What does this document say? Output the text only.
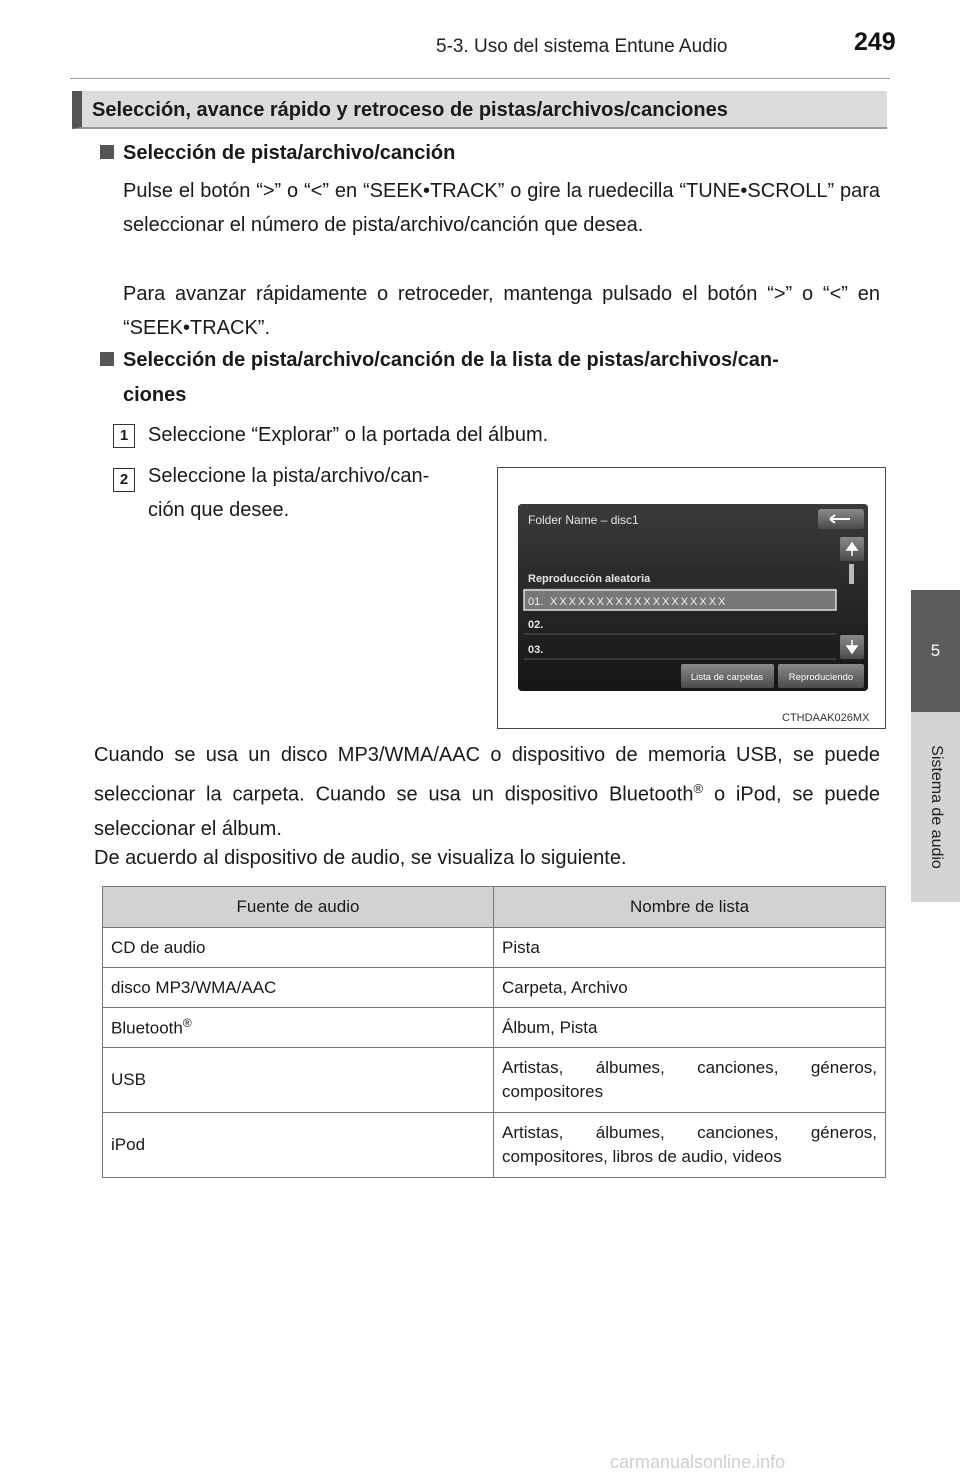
5-3. Uso del sistema Entune Audio	249
5
Sistema de audio
Selección, avance rápido y retroceso de pistas/archivos/canciones
Selección de pista/archivo/canción
Pulse el botón “>” o “<” en “SEEK•TRACK” o gire la ruedecilla “TUNE•SCROLL” para seleccionar el número de pista/archivo/canción que desea.
Para avanzar rápidamente o retroceder, mantenga pulsado el botón “>” o “<” en “SEEK•TRACK”.
Selección de pista/archivo/canción de la lista de pistas/archivos/can-
ciones
1 Seleccione “Explorar” o la portada del álbum.
2 Seleccione la pista/archivo/can-
ción que desee.	Folder Name – disc1
Reproducción aleatoria
01. XXXXXXXXXXXXXXXXXXX
02.
03.
Lista de carpetas	Reproduciendo
CTHDAAK026MX
Cuando se usa un disco MP3/WMA/AAC o dispositivo de memoria USB, se puede seleccionar la carpeta. Cuando se usa un dispositivo Bluetooth® o iPod, se puede seleccionar el álbum.
De acuerdo al dispositivo de audio, se visualiza lo siguiente.
Fuente de audio	Nombre de lista
CD de audio	Pista
disco MP3/WMA/AAC	Carpeta, Archivo
Bluetooth®	Álbum, Pista
USB	Artistas, álbumes, canciones, géneros, compositores
iPod	Artistas, álbumes, canciones, géneros, compositores, libros de audio, videos
carmanualsonline.info
